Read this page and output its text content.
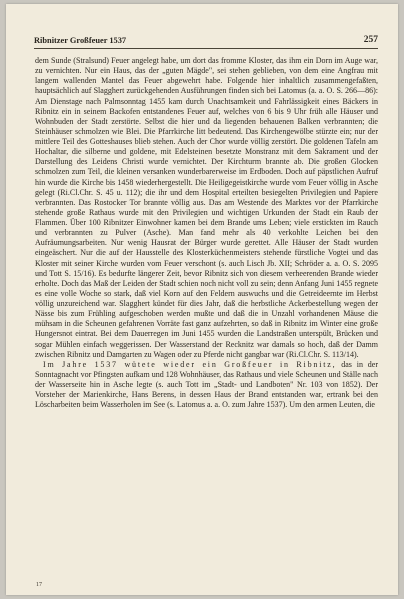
Ribnitzer Großfeuer 1537	257

dem Sunde (Stralsund) Feuer angelegt habe, um dort das fromme Kloster, das ihm ein Dorn im Auge war, zu vernichten. Nur ein Haus, das der „guten Mägde", sei stehen geblieben, von dem eine Angfrau mit langem wallenden Mantel das Feuer abgewehrt habe. Folgende hier inhaltlich zusammengefaßten, hauptsächlich auf Slagghert zurückgehenden Ausführungen finden sich bei Latomus (a. a. O. S. 266—86): Am Dienstage nach Palmsonntag 1455 kam durch Unachtsamkeit und Fahrlässigkeit eines Bäckers in Ribnitz ein in seinem Backofen entstandenes Feuer auf, welches von 6 bis 9 Uhr früh alle Häuser und Wohnbuden der Stadt zerstörte. Selbst die hier und da liegenden behauenen Balken verbrannten; die Steinhäuser schmolzen wie Blei. Die Pfarrkirche litt bedeutend. Das Kirchengewölbe stürzte ein; nur der mittlere Teil des Gotteshauses blieb stehen. Auch der Chor wurde völlig zerstört. Die goldenen Tafeln am Hochaltar, die silberne und goldene, mit Edelsteinen besetzte Monstranz mit dem Sakrament und der Darstellung des Leidens Christi wurde vernichtet. Der Kirchturm brannte ab. Die großen Glocken schmolzen zum Teil, die kleinen versanken wunderbarerweise im Erdboden. Doch auf päpstlichen Aufruf hin wurde die Kirche bis 1458 wiederhergestellt. Die Heiligegeistkirche wurde vom Feuer völlig in Asche gelegt (Ri.Cl.Chr. S. 45 u. 112); die ihr und dem Hospital erteilten besiegelten Privilegien und Papiere verbrannten. Das Rostocker Tor brannte völlig aus. Das am Westende des Marktes vor der Pfarrkirche stehende große Rathaus wurde mit den Privilegien und wichtigen Urkunden der Stadt ein Raub der Flammen. Über 100 Ribnitzer Einwohner kamen bei dem Brande ums Leben; viele erstickten im Rauch und verbrannten zu Pulver (Asche). Man fand mehr als 40 verkohlte Leichen bei den Aufräumungsarbeiten. Nur wenig Hausrat der Bürger wurde gerettet. Alle Häuser der Stadt wurden eingeäschert. Nur die auf der Hausstelle des Klosterküchenmeisters stehende fürstliche Vogtei und das Kloster mit seiner Kirche wurden vom Feuer verschont (s. auch Lisch Jb. XII; Schröder a. a. O. S. 2095 und Tott S. 15/16). Es bedurfte längerer Zeit, bevor Ribnitz sich von diesem verheerenden Brande wieder erholte. Doch das Maß der Leiden der Stadt schien noch nicht voll zu sein; denn Anfang Juni 1455 regnete es eine volle Woche so stark, daß viel Korn auf den Feldern auswuchs und die Getreideernte im Herbst völlig unzureichend war. Slagghert kündet für dies Jahr, daß die herbstliche Ackerbestellung wegen der Nässe bis zum Frühling aufgeschoben werden mußte und daß die in Unzahl vorhandenen Mäuse die mühsam in die Scheunen gefahrenen Vorräte fast ganz aufzehrten, so daß in Ribnitz im Winter eine große Hungersnot eintrat. Bei dem Dauerregen im Juni 1455 wurden die Landstraßen unterspült, Brücken und sogar Mühlen einfach weggerissen. Der Wasserstand der Recknitz war damals so hoch, daß der Damm zwischen Ribnitz und Damgarten zu Wagen oder zu Pferde nicht gangbar war (Ri.Cl.Chr. S. 113/14).

Im Jahre 1537 wütete wieder ein Großfeuer in Ribnitz, das in der Sonntagnacht vor Pfingsten aufkam und 128 Wohnhäuser, das Rathaus und viele Scheunen und Ställe nach der Wasserseite hin in Asche legte (s. auch Tott im „Stadt- und Landboten" Nr. 103 von 1852). Der Vorsteher der Marienkirche, Hans Berens, in dessen Haus der Brand entstanden war, ertrank bei den Löscharbeiten beim Wasserholen im See (s. Latomus a. a. O. zum Jahre 1537). Um den armen Leuten, die

17
